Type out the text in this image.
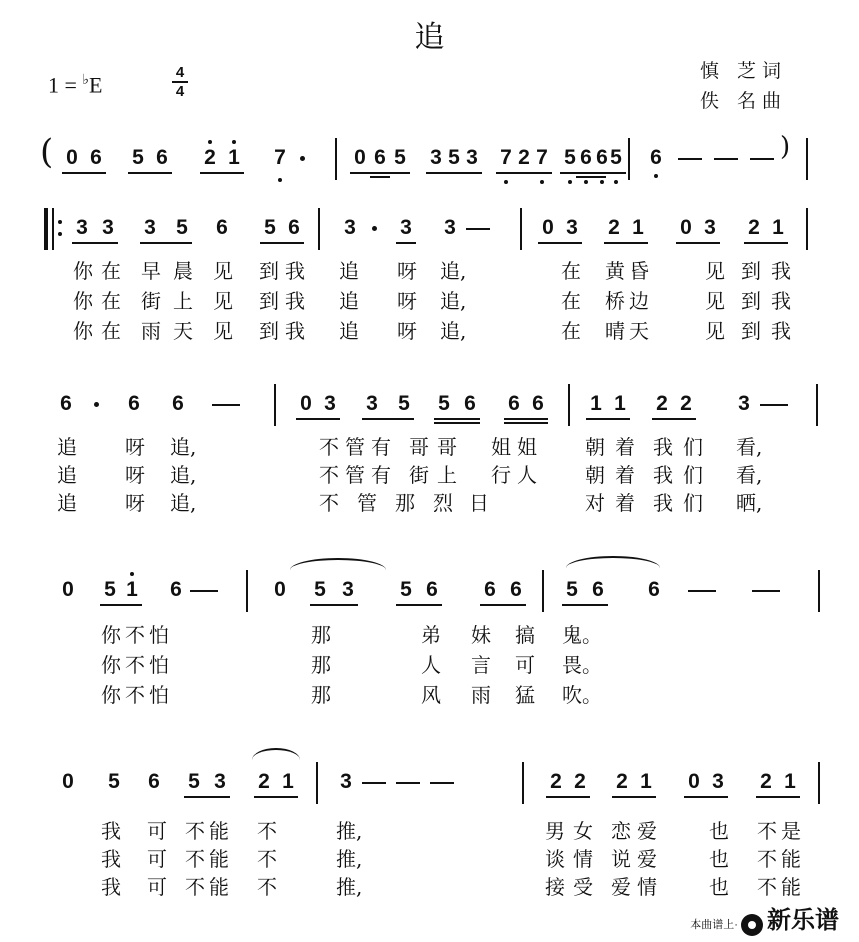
追
1 = ♭E	4
4
慎 芝词
佚 名曲
( 0 6 5 6 2 1 7	0 6 5 3 5 3 7 2 7 5 6 6 5 6	)
3 3 3 5 6 5 6 3 3 3	0 3 2 1 0 3 2 1
你 在 早 晨 见 到 我 追 呀 追,	在 黄 昏	见 到 我
你 在 街 上 见 到 我 追 呀 追,	在 桥 边	见 到 我
你 在 雨 天 见 到 我 追 呀 追,	在 晴 天	见 到 我
6	6 6	0 3 3 5 5 6 6 6 1 1 2 2 3
追 呀 追,	不 管 有 哥 哥 姐 姐 朝 着 我 们 看,
追 呀 追,	不 管 有 街 上 行 人 朝 着 我 们 看,
追 呀 追,	不 管 那 烈 日	对 着 我 们 晒,
0 5 1 6	0 5 3 5 6 6 6 5 6 6
你 不 怕	那	弟 妹 搞 鬼。
你 不 怕	那	人 言 可 畏。
你 不 怕	那	风 雨 猛 吹。
0 5 6 5 3 2 1 3	2 2 2 1 0 3 2 1
我 可 不 能 不	推,	男 女 恋 爱	也 不 是
我 可 不 能 不	推,	谈 情 说 爱	也 不 能
我 可 不 能 不	推,	接 受 爱 情	也 不 能
本曲谱上· 新乐谱
